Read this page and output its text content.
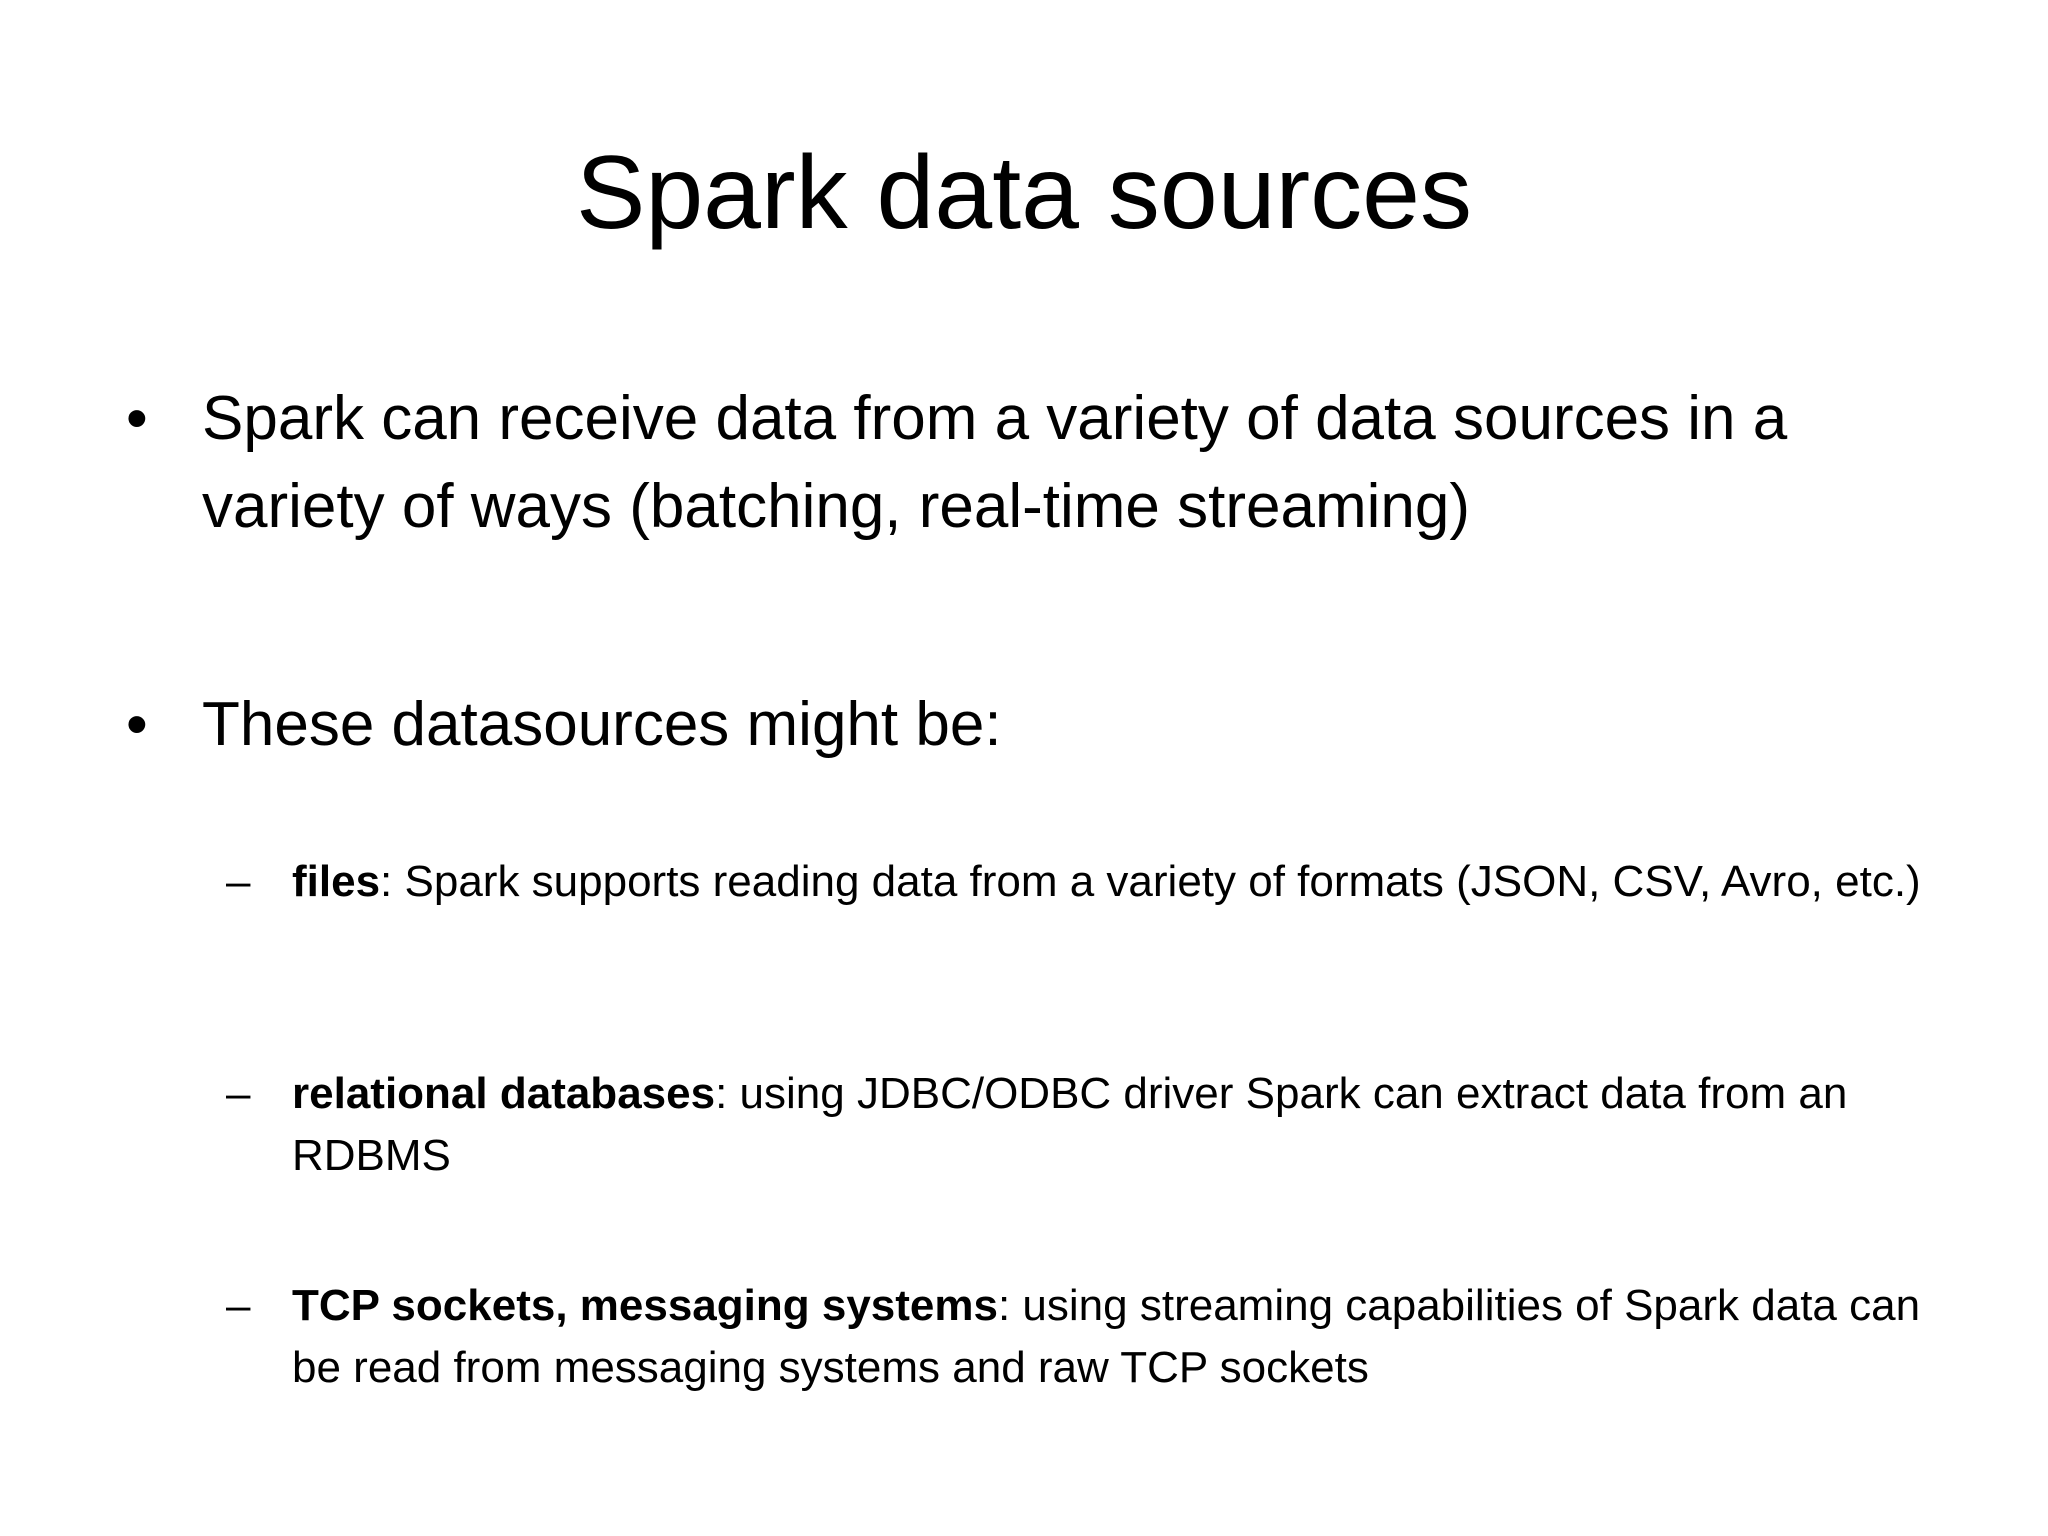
Spark data sources
• Spark can receive data from a variety of data sources in a variety of ways (batching, real-time streaming)
• These datasources might be:
– files: Spark supports reading data from a variety of formats (JSON, CSV, Avro, etc.)
– relational databases: using JDBC/ODBC driver Spark can extract data from an RDBMS
– TCP sockets, messaging systems: using streaming capabilities of Spark data can be read from messaging systems and raw TCP sockets
